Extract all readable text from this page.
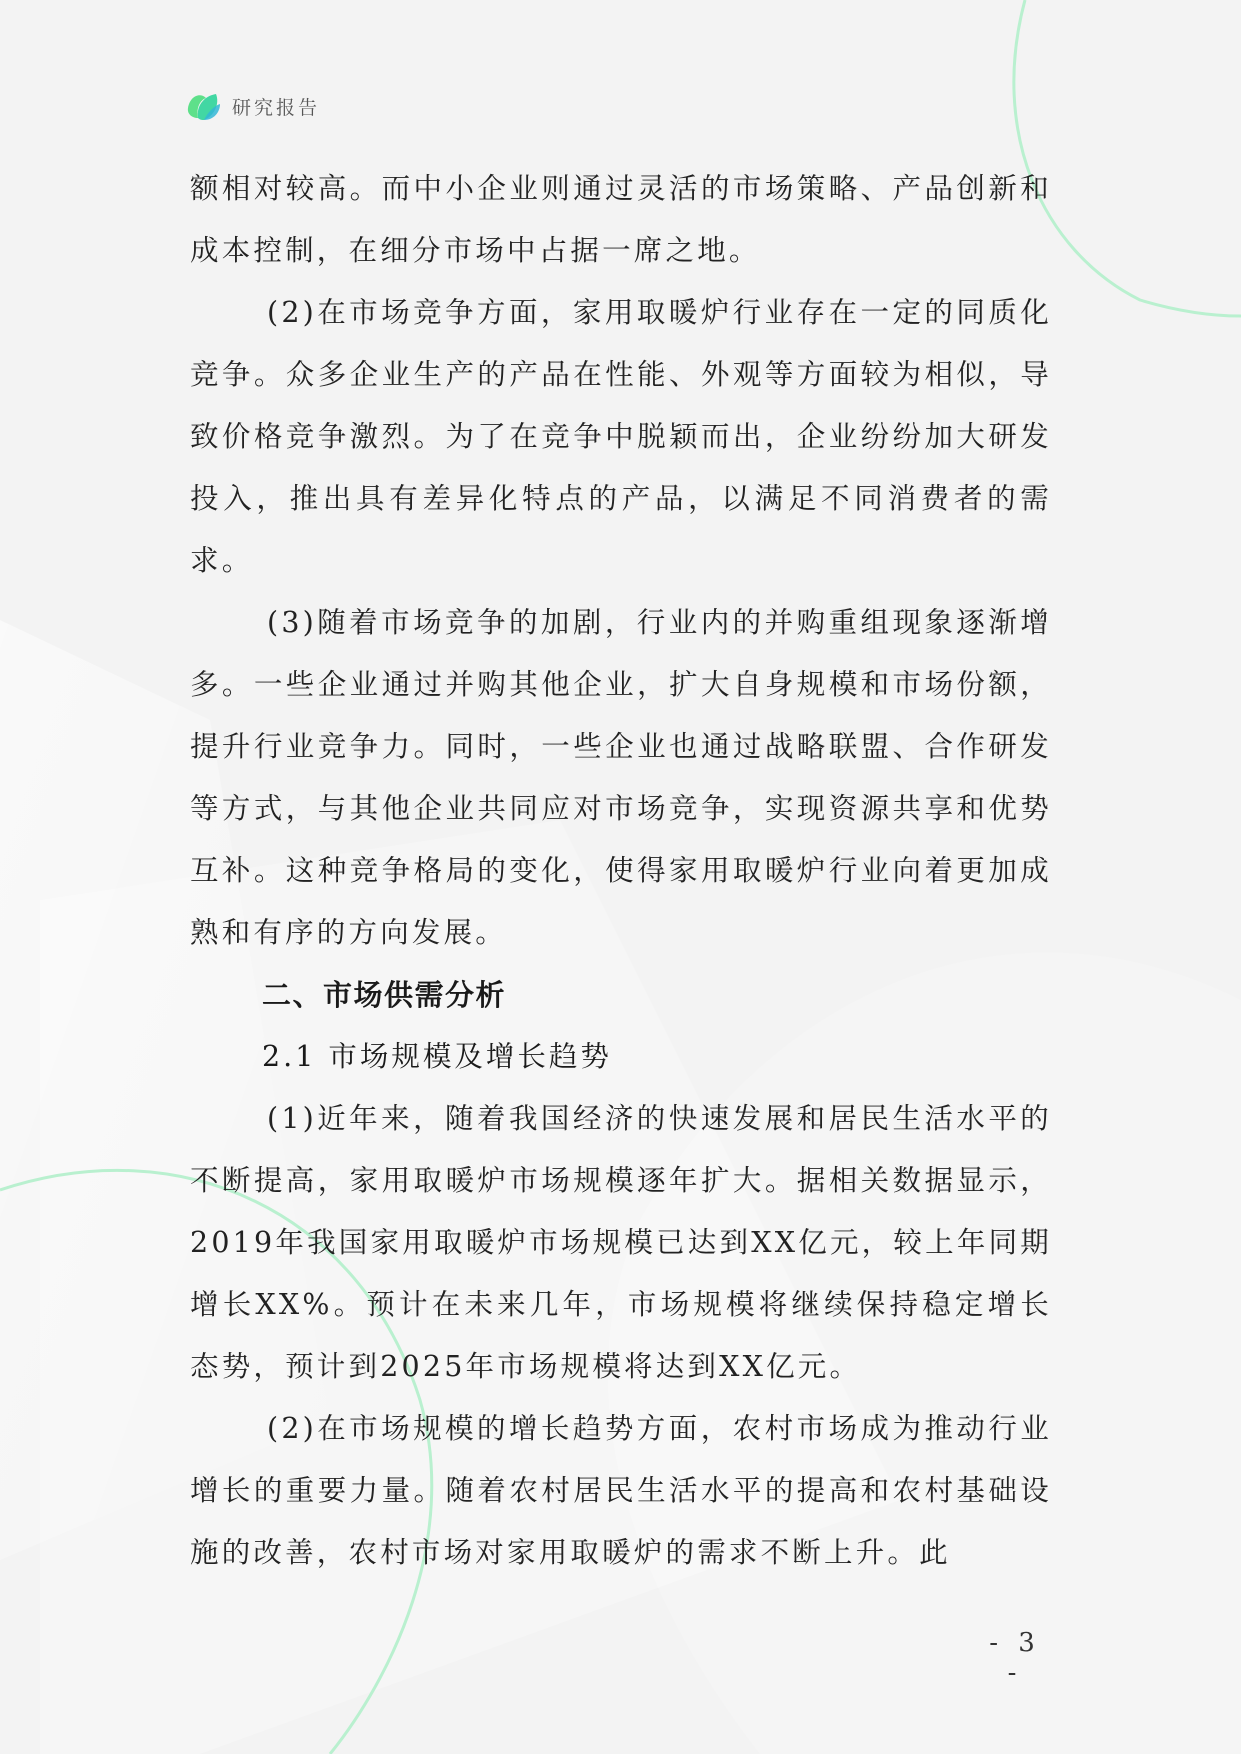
研究报告

额相对较高。而中小企业则通过灵活的市场策略、产品创新和成本控制，在细分市场中占据一席之地。

(2)在市场竞争方面，家用取暖炉行业存在一定的同质化竞争。众多企业生产的产品在性能、外观等方面较为相似，导致价格竞争激烈。为了在竞争中脱颖而出，企业纷纷加大研发投入，推出具有差异化特点的产品，以满足不同消费者的需求。

(3)随着市场竞争的加剧，行业内的并购重组现象逐渐增多。一些企业通过并购其他企业，扩大自身规模和市场份额，提升行业竞争力。同时，一些企业也通过战略联盟、合作研发等方式，与其他企业共同应对市场竞争，实现资源共享和优势互补。这种竞争格局的变化，使得家用取暖炉行业向着更加成熟和有序的方向发展。

二、市场供需分析

2.1 市场规模及增长趋势

(1)近年来，随着我国经济的快速发展和居民生活水平的不断提高，家用取暖炉市场规模逐年扩大。据相关数据显示，2019年我国家用取暖炉市场规模已达到XX亿元，较上年同期增长XX%。预计在未来几年，市场规模将继续保持稳定增长态势，预计到2025年市场规模将达到XX亿元。

(2)在市场规模的增长趋势方面，农村市场成为推动行业增长的重要力量。随着农村居民生活水平的提高和农村基础设施的改善，农村市场对家用取暖炉的需求不断上升。此

- 3 -
